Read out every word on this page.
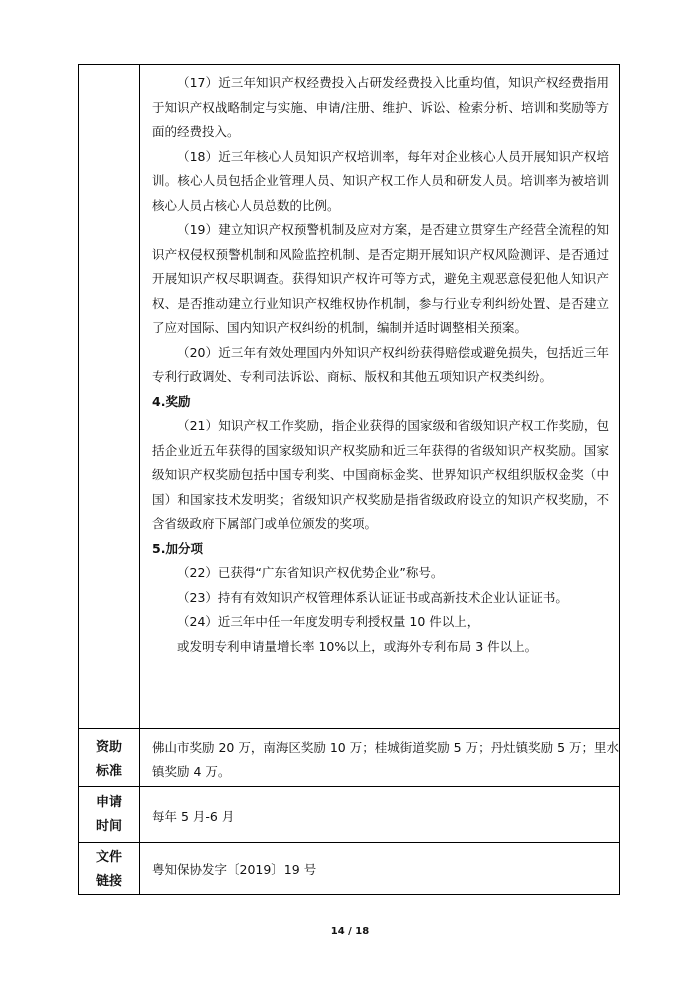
（17）近三年知识产权经费投入占研发经费投入比重均值，知识产权经费指用于知识产权战略制定与实施、申请/注册、维护、诉讼、检索分析、培训和奖励等方面的经费投入。

（18）近三年核心人员知识产权培训率，每年对企业核心人员开展知识产权培训。核心人员包括企业管理人员、知识产权工作人员和研发人员。培训率为被培训核心人员占核心人员总数的比例。

（19）建立知识产权预警机制及应对方案，是否建立贯穿生产经营全流程的知识产权侵权预警机制和风险监控机制、是否定期开展知识产权风险测评、是否通过开展知识产权尽职调查。获得知识产权许可等方式，避免主观恶意侵犯他人知识产权、是否推动建立行业知识产权维权协作机制，参与行业专利纠纷处置、是否建立了应对国际、国内知识产权纠纷的机制，编制并适时调整相关预案。

（20）近三年有效处理国内外知识产权纠纷获得赔偿或避免损失，包括近三年专利行政调处、专利司法诉讼、商标、版权和其他五项知识产权类纠纷。

4.奖励

（21）知识产权工作奖励，指企业获得的国家级和省级知识产权工作奖励，包括企业近五年获得的国家级知识产权奖励和近三年获得的省级知识产权奖励。国家级知识产权奖励包括中国专利奖、中国商标金奖、世界知识产权组织版权金奖（中国）和国家技术发明奖；省级知识产权奖励是指省级政府设立的知识产权奖励，不含省级政府下属部门或单位颁发的奖项。

5.加分项

（22）已获得“广东省知识产权优势企业”称号。

（23）持有有效知识产权管理体系认证证书或高新技术企业认证证书。

（24）近三年中任一年度发明专利授权量 10 件以上，

或发明专利申请量增长率 10%以上，或海外专利布局 3 件以上。

资助
标准
佛山市奖励 20 万，南海区奖励 10 万；桂城街道奖励 5 万；丹灶镇奖励 5 万；里水镇奖励 4 万。
申请
时间
每年 5 月-6 月
文件
链接
粤知保协发字〔2019〕19 号
14 / 18
